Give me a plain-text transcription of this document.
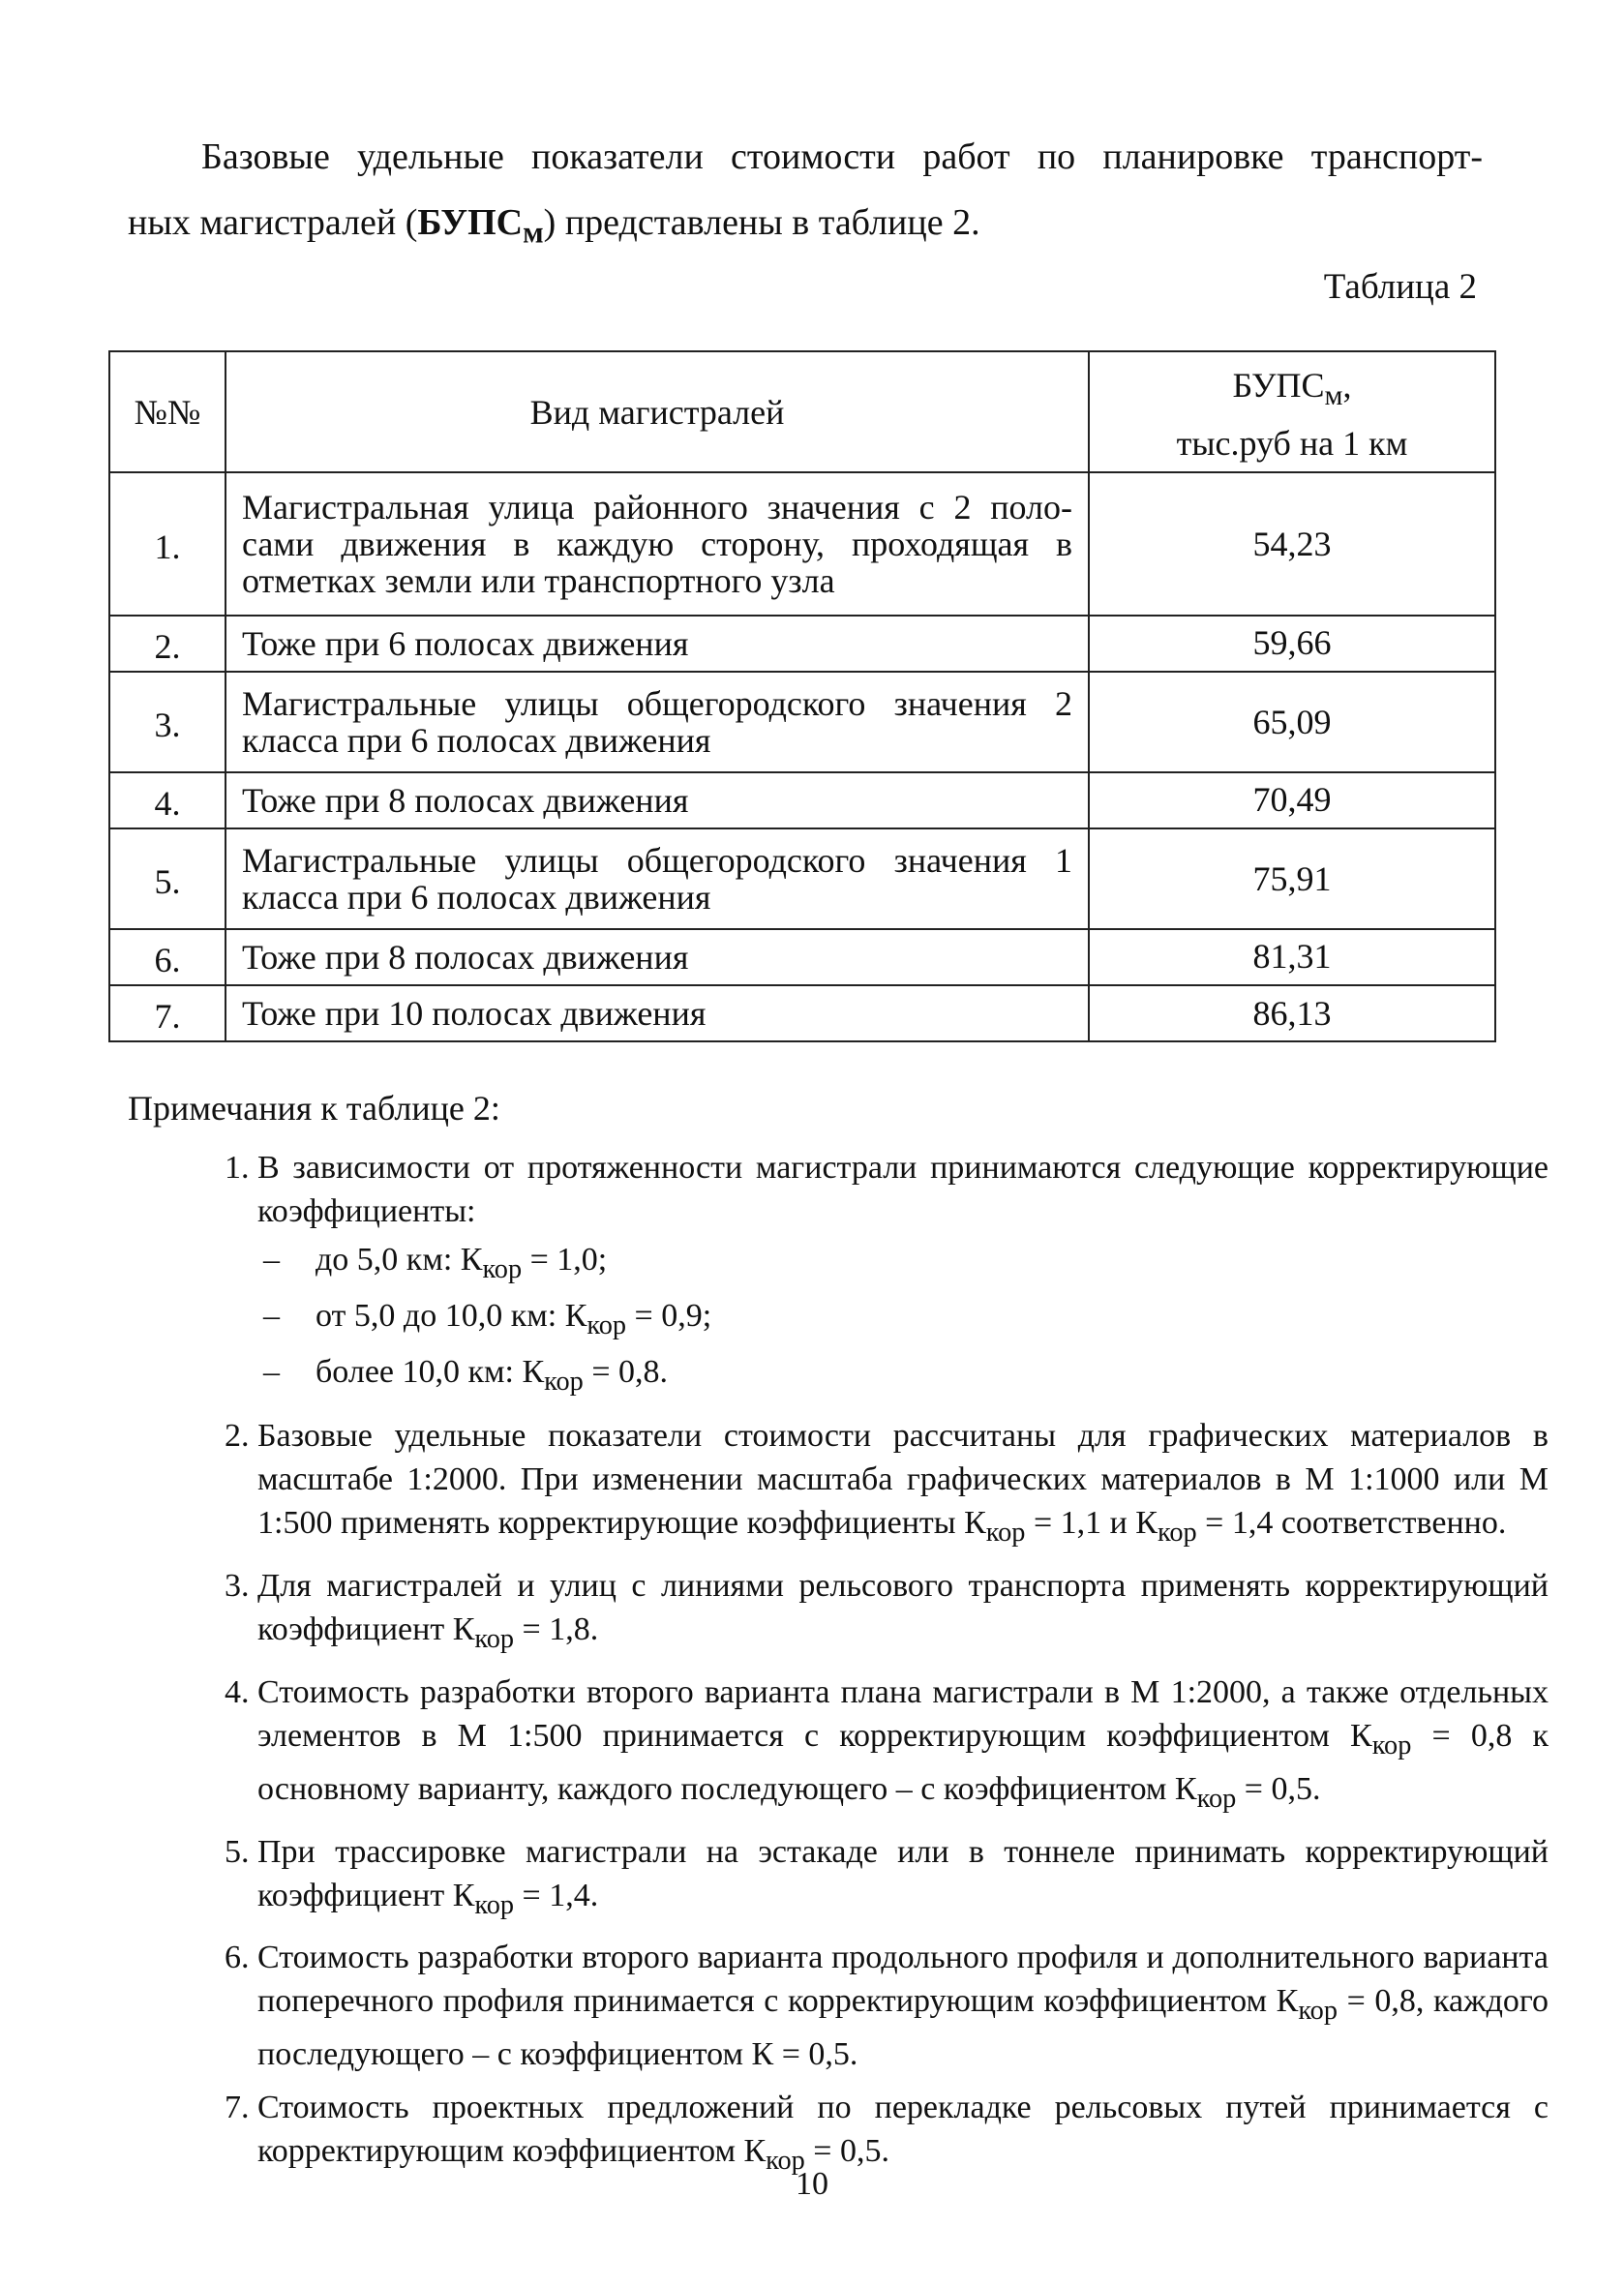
Базовые удельные показатели стоимости работ по планировке транспорт-
ных магистралей $(БУПС_м)$ представлены в таблице 2.
Таблица 2
№№	Вид магистралей	$БУПС_м$,
тыс.руб на 1 км
1.	Магистральная улица районного значения с 2 поло-сами движения в каждую сторону, проходящая в отметках земли или транспортного узла	54,23
2.	Тоже при 6 полосах движения	59,66
3.	Магистральные улицы общегородского значения 2 класса при 6 полосах движения	65,09
4.	Тоже при 8 полосах движения	70,49
5.	Магистральные улицы общегородского значения 1 класса при 6 полосах движения	75,91
6.	Тоже при 8 полосах движения	81,31
7.	Тоже при 10 полосах движения	86,13
Примечания к таблице 2:
1. В зависимости от протяженности магистрали принимаются следующие корректирующие коэффициенты:
– до 5,0 км: $К_{кор} = 1,0$;
– от 5,0 до 10,0 км: $К_{кор} = 0,9$;
– более 10,0 км: $К_{кор} = 0,8$.
2. Базовые удельные показатели стоимости рассчитаны для графических материалов в масштабе 1:2000. При изменении масштаба графических материалов в М 1:1000 или М 1:500 применять корректирующие коэффициенты $К_{кор} = 1,1$ и $К_{кор} = 1,4$ соответственно.
3. Для магистралей и улиц с линиями рельсового транспорта применять корректирующий коэффициент $К_{кор} = 1,8$.
4. Стоимость разработки второго варианта плана магистрали в М 1:2000, а также отдельных элементов в М 1:500 принимается с корректирующим коэффициентом $К_{кор} = 0,8$ к основному варианту, каждого последующего – с коэффициентом $К_{кор} = 0,5$.
5. При трассировке магистрали на эстакаде или в тоннеле принимать корректирующий коэффициент $К_{кор} = 1,4$.
6. Стоимость разработки второго варианта продольного профиля и дополнительного варианта поперечного профиля принимается с корректирующим коэффициентом $К_{кор} = 0,8$, каждого последующего – с коэффициентом К = 0,5.
7. Стоимость проектных предложений по перекладке рельсовых путей принимается с корректирующим коэффициентом $К_{кор} = 0,5$.
10
